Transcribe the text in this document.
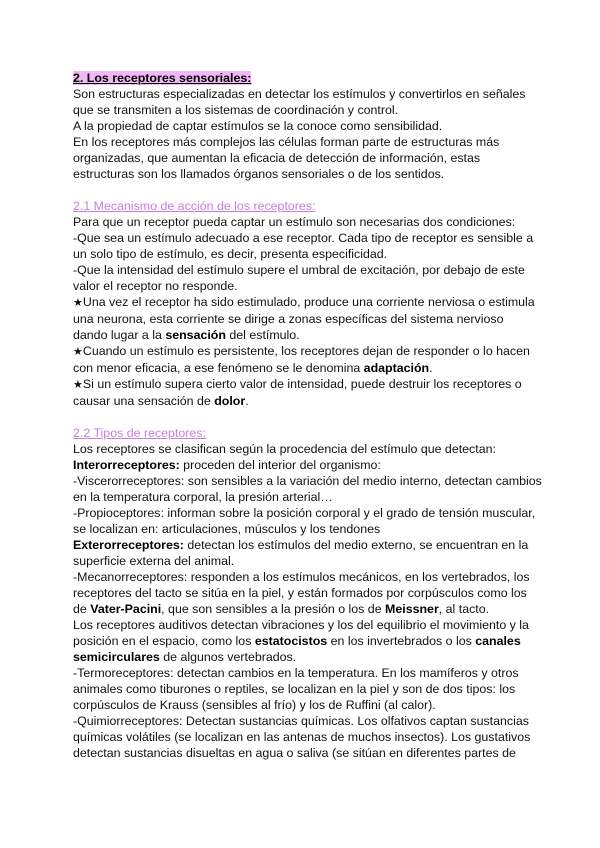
2. Los receptores sensoriales:
Son estructuras especializadas en detectar los estímulos y convertirlos en señales
que se transmiten a los sistemas de coordinación y control.
A la propiedad de captar estímulos se la conoce como sensibilidad.
En los receptores más complejos las células forman parte de estructuras más
organizadas, que aumentan la eficacia de detección de información, estas
estructuras son los llamados órganos sensoriales o de los sentidos.
2.1 Mecanismo de acción de los receptores:
Para que un receptor pueda captar un estímulo son necesarias dos condiciones:
-Que sea un estímulo adecuado a ese receptor. Cada tipo de receptor es sensible a
un solo tipo de estímulo, es decir, presenta especificidad.
-Que la intensidad del estímulo supere el umbral de excitación, por debajo de este
valor el receptor no responde.
★Una vez el receptor ha sido estimulado, produce una corriente nerviosa o estimula
una neurona, esta corriente se dirige a zonas específicas del sistema nervioso
dando lugar a la sensación del estímulo.
★Cuando un estímulo es persistente, los receptores dejan de responder o lo hacen
con menor eficacia, a ese fenómeno se le denomina adaptación.
★Si un estímulo supera cierto valor de intensidad, puede destruir los receptores o
causar una sensación de dolor.
2.2 Tipos de receptores:
Los receptores se clasifican según la procedencia del estímulo que detectan:
Interorreceptores: proceden del interior del organismo:
-Viscerorreceptores: son sensibles a la variación del medio interno, detectan cambios
en la temperatura corporal, la presión arterial…
-Propioceptores: informan sobre la posición corporal y el grado de tensión muscular,
se localizan en: articulaciones, músculos y los tendones
Exterorreceptores: detectan los estímulos del medio externo, se encuentran en la
superficie externa del animal.
-Mecanorreceptores: responden a los estímulos mecánicos, en los vertebrados, los
receptores del tacto se sitúa en la piel, y están formados por corpúsculos como los
de Vater-Pacini, que son sensibles a la presión o los de Meissner, al tacto.
Los receptores auditivos detectan vibraciones y los del equilibrio el movimiento y la
posición en el espacio, como los estatocistos en los invertebrados o los canales
semicirculares de algunos vertebrados.
-Termoreceptores: detectan cambios en la temperatura. En los mamíferos y otros
animales como tiburones o reptiles, se localizan en la piel y son de dos tipos: los
corpúsculos de Krauss (sensibles al frío) y los de Ruffini (al calor).
-Quimiorreceptores: Detectan sustancias químicas. Los olfativos captan sustancias
químicas volátiles (se localizan en las antenas de muchos insectos). Los gustativos
detectan sustancias disueltas en agua o saliva (se sitúan en diferentes partes de
